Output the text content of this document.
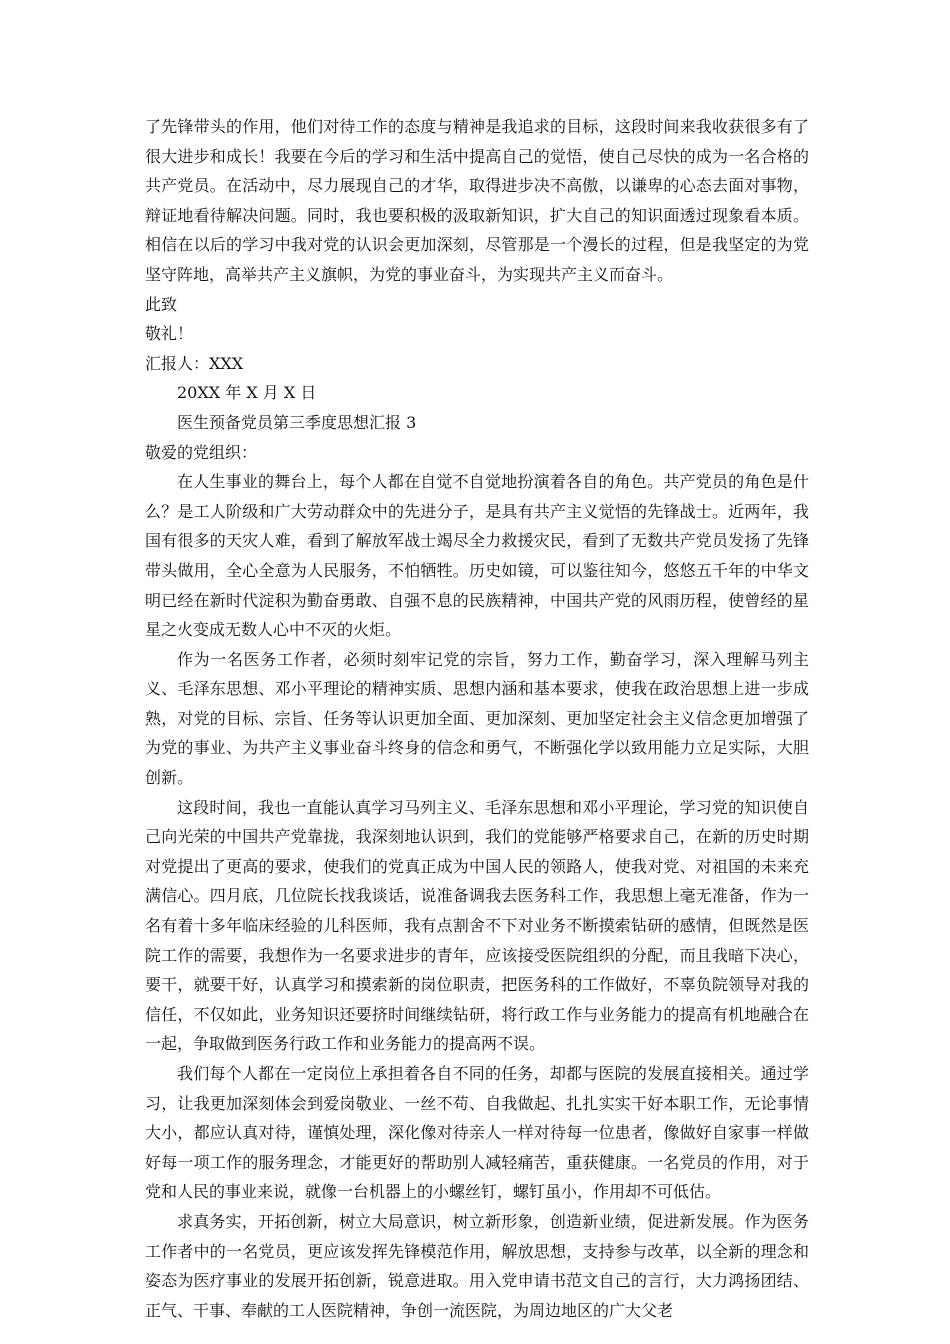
了先锋带头的作用，他们对待工作的态度与精神是我追求的目标，这段时间来我收获很多有了很大进步和成长！我要在今后的学习和生活中提高自己的觉悟，使自己尽快的成为一名合格的共产党员。在活动中，尽力展现自己的才华，取得进步决不高傲，以谦卑的心态去面对事物，辩证地看待解决问题。同时，我也要积极的汲取新知识，扩大自己的知识面透过现象看本质。相信在以后的学习中我对党的认识会更加深刻，尽管那是一个漫长的过程，但是我坚定的为党坚守阵地，高举共产主义旗帜，为党的事业奋斗，为实现共产主义而奋斗。

此致

敬礼！

汇报人：XXX

20XX 年 X 月 X 日

医生预备党员第三季度思想汇报 3

敬爱的党组织：

在人生事业的舞台上，每个人都在自觉不自觉地扮演着各自的角色。共产党员的角色是什么？是工人阶级和广大劳动群众中的先进分子，是具有共产主义觉悟的先锋战士。近两年，我国有很多的天灾人难，看到了解放军战士竭尽全力救援灾民，看到了无数共产党员发扬了先锋带头做用，全心全意为人民服务，不怕牺牲。历史如镜，可以鉴往知今，悠悠五千年的中华文明已经在新时代淀积为勤奋勇敢、自强不息的民族精神，中国共产党的风雨历程，使曾经的星星之火变成无数人心中不灭的火炬。

作为一名医务工作者，必须时刻牢记党的宗旨，努力工作，勤奋学习，深入理解马列主义、毛泽东思想、邓小平理论的精神实质、思想内涵和基本要求，使我在政治思想上进一步成熟，对党的目标、宗旨、任务等认识更加全面、更加深刻、更加坚定社会主义信念更加增强了为党的事业、为共产主义事业奋斗终身的信念和勇气，不断强化学以致用能力立足实际，大胆创新。

这段时间，我也一直能认真学习马列主义、毛泽东思想和邓小平理论，学习党的知识使自己向光荣的中国共产党靠拢，我深刻地认识到，我们的党能够严格要求自己，在新的历史时期对党提出了更高的要求，使我们的党真正成为中国人民的领路人，使我对党、对祖国的未来充满信心。四月底，几位院长找我谈话，说准备调我去医务科工作，我思想上毫无准备，作为一名有着十多年临床经验的儿科医师，我有点割舍不下对业务不断摸索钻研的感情，但既然是医院工作的需要，我想作为一名要求进步的青年，应该接受医院组织的分配，而且我暗下决心，要干，就要干好，认真学习和摸索新的岗位职责，把医务科的工作做好，不辜负院领导对我的信任，不仅如此，业务知识还要挤时间继续钻研，将行政工作与业务能力的提高有机地融合在一起，争取做到医务行政工作和业务能力的提高两不误。

我们每个人都在一定岗位上承担着各自不同的任务，却都与医院的发展直接相关。通过学习，让我更加深刻体会到爱岗敬业、一丝不苟、自我做起、扎扎实实干好本职工作，无论事情大小，都应认真对待，谨慎处理，深化像对待亲人一样对待每一位患者，像做好自家事一样做好每一项工作的服务理念，才能更好的帮助别人减轻痛苦，重获健康。一名党员的作用，对于党和人民的事业来说，就像一台机器上的小螺丝钉，螺钉虽小，作用却不可低估。

求真务实，开拓创新，树立大局意识，树立新形象，创造新业绩，促进新发展。作为医务工作者中的一名党员，更应该发挥先锋模范作用，解放思想，支持参与改革，以全新的理念和姿态为医疗事业的发展开拓创新，锐意进取。用入党申请书范文自己的言行，大力鸿扬团结、正气、干事、奉献的工人医院精神，争创一流医院，为周边地区的广大父老
